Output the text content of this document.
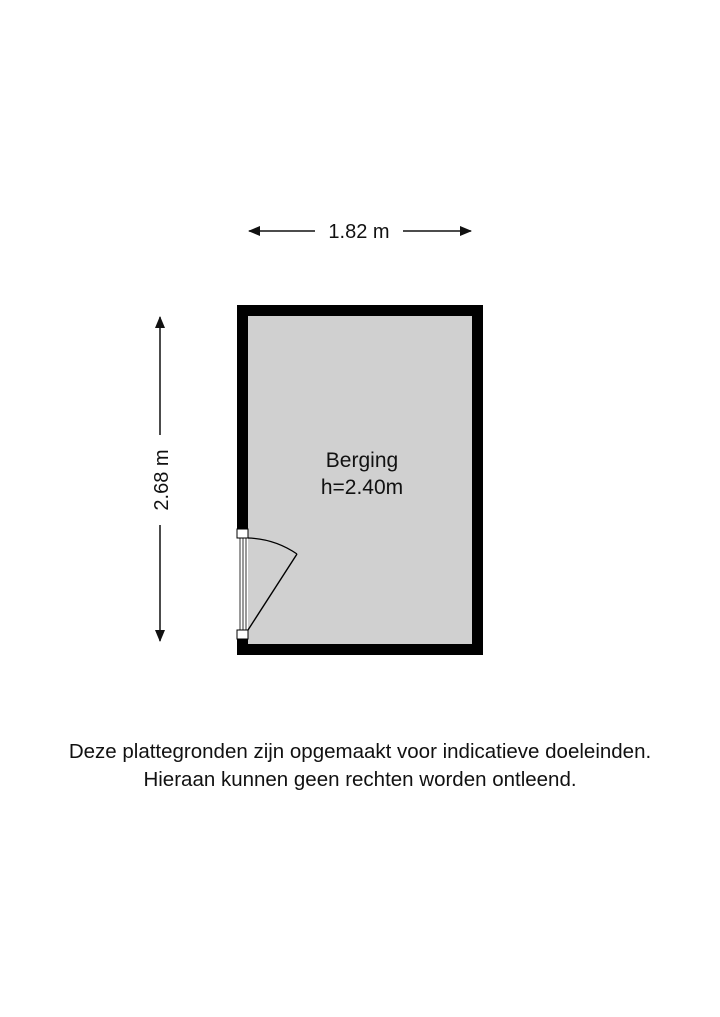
1.82 m
2.68 m	Berging
h=2.40m
Deze plattegronden zijn opgemaakt voor indicatieve doeleinden.
Hieraan kunnen geen rechten worden ontleend.
